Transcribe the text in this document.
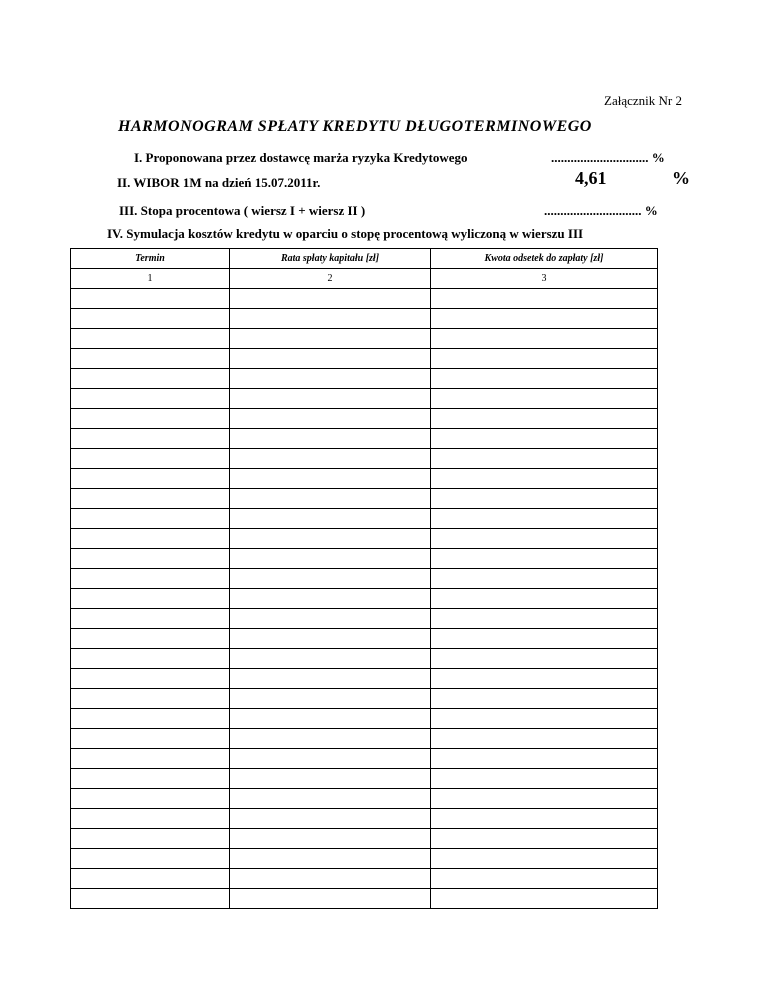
Załącznik Nr 2
HARMONOGRAM SPŁATY KREDYTU DŁUGOTERMINOWEGO
I. Proponowana przez dostawcę marża ryzyka Kredytowego	.............................. %
II. WIBOR 1M na dzień 15.07.2011r.	4,61	%
III. Stopa procentowa ( wiersz I + wiersz II )	.............................. %
IV. Symulacja kosztów kredytu w oparciu o stopę procentową wyliczoną w wierszu III
Termin	Rata spłaty kapitału [zł]	Kwota odsetek do zapłaty [zł]
1	2	3
